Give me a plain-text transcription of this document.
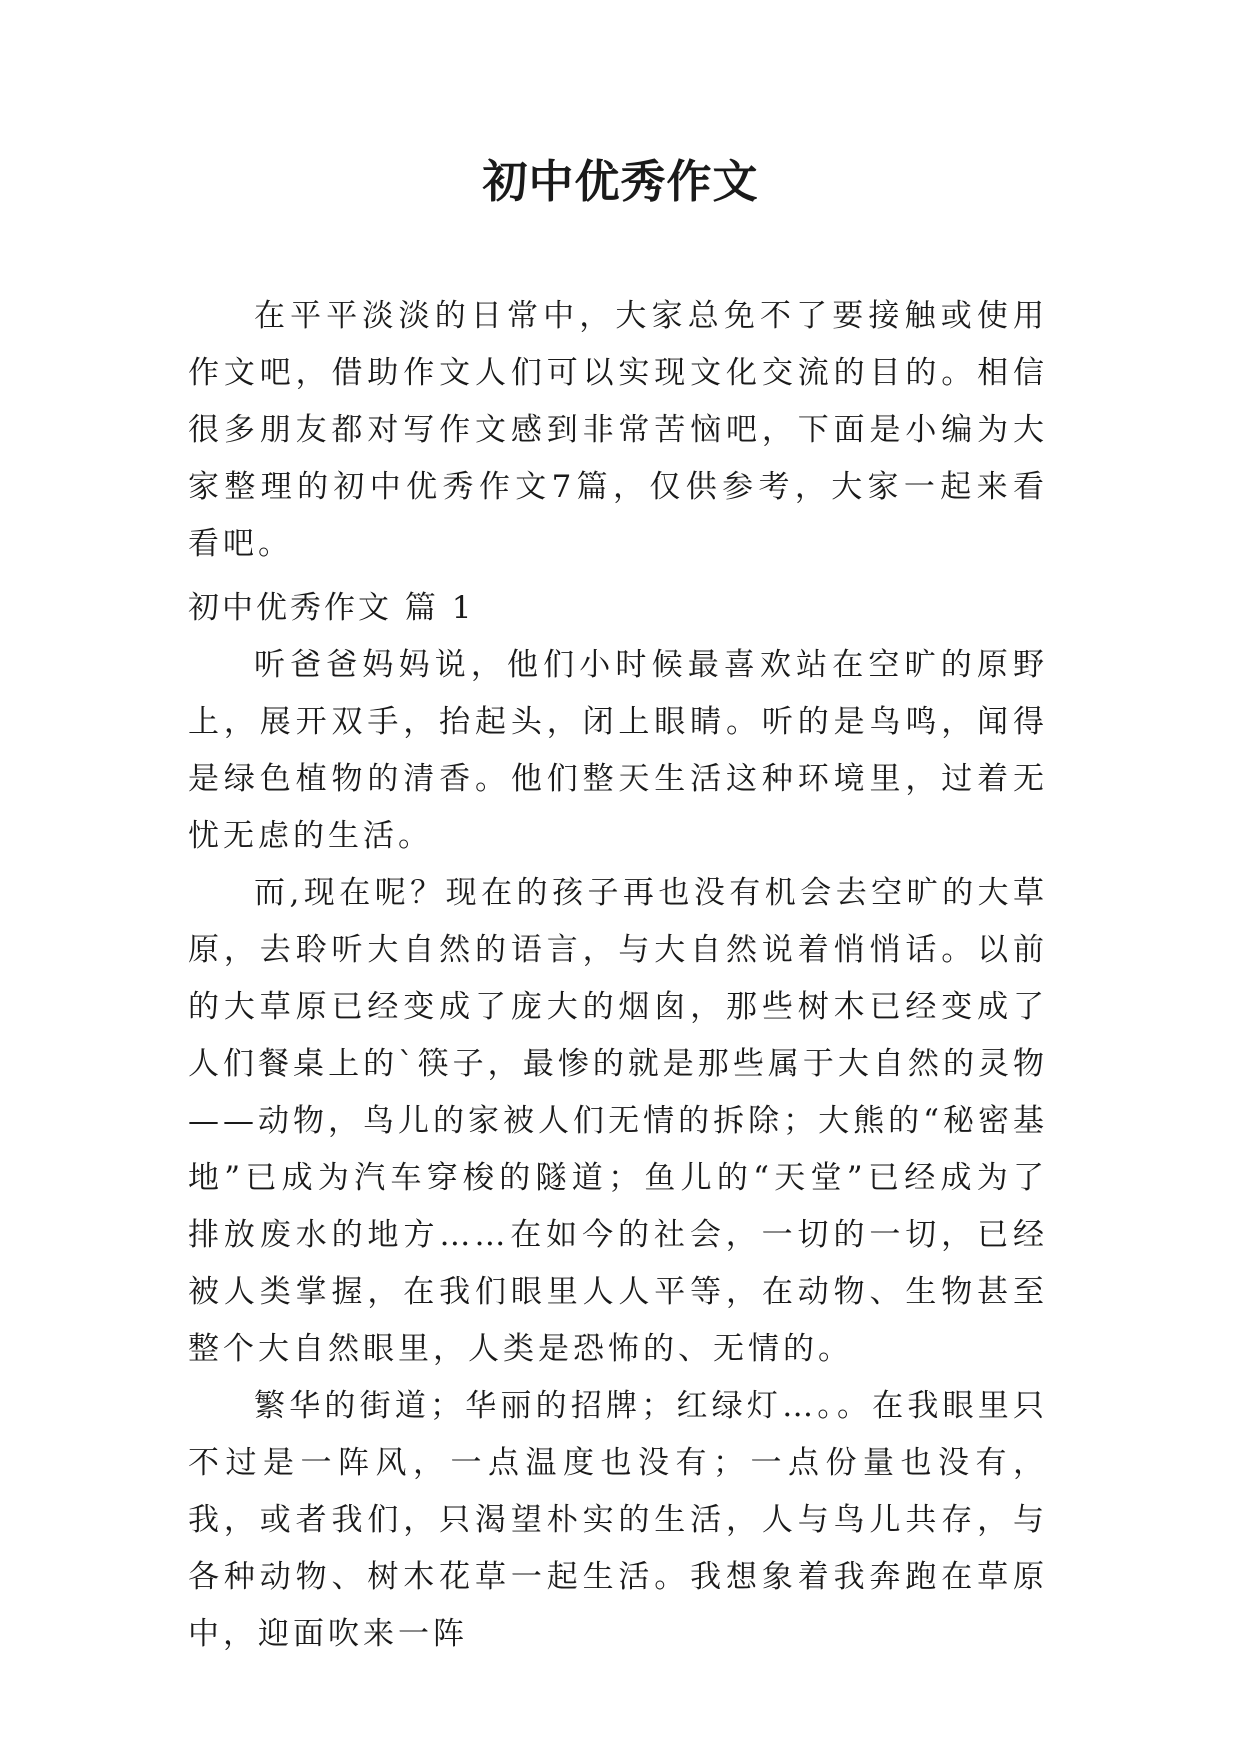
初中优秀作文

在平平淡淡的日常中，大家总免不了要接触或使用作文吧，借助作文人们可以实现文化交流的目的。相信很多朋友都对写作文感到非常苦恼吧，下面是小编为大家整理的初中优秀作文7篇，仅供参考，大家一起来看看吧。

初中优秀作文 篇 1

听爸爸妈妈说，他们小时候最喜欢站在空旷的原野上，展开双手，抬起头，闭上眼睛。听的是鸟鸣，闻得是绿色植物的清香。他们整天生活这种环境里，过着无忧无虑的生活。

而,现在呢？现在的孩子再也没有机会去空旷的大草原，去聆听大自然的语言，与大自然说着悄悄话。以前的大草原已经变成了庞大的烟囱，那些树木已经变成了人们餐桌上的`筷子，最惨的就是那些属于大自然的灵物——动物，鸟儿的家被人们无情的拆除；大熊的“秘密基地”已成为汽车穿梭的隧道；鱼儿的“天堂”已经成为了排放废水的地方……在如今的社会，一切的一切，已经被人类掌握，在我们眼里人人平等，在动物、生物甚至整个大自然眼里，人类是恐怖的、无情的。

繁华的街道；华丽的招牌；红绿灯…。。在我眼里只不过是一阵风，一点温度也没有；一点份量也没有，我，或者我们，只渴望朴实的生活，人与鸟儿共存，与各种动物、树木花草一起生活。我想象着我奔跑在草原中，迎面吹来一阵
